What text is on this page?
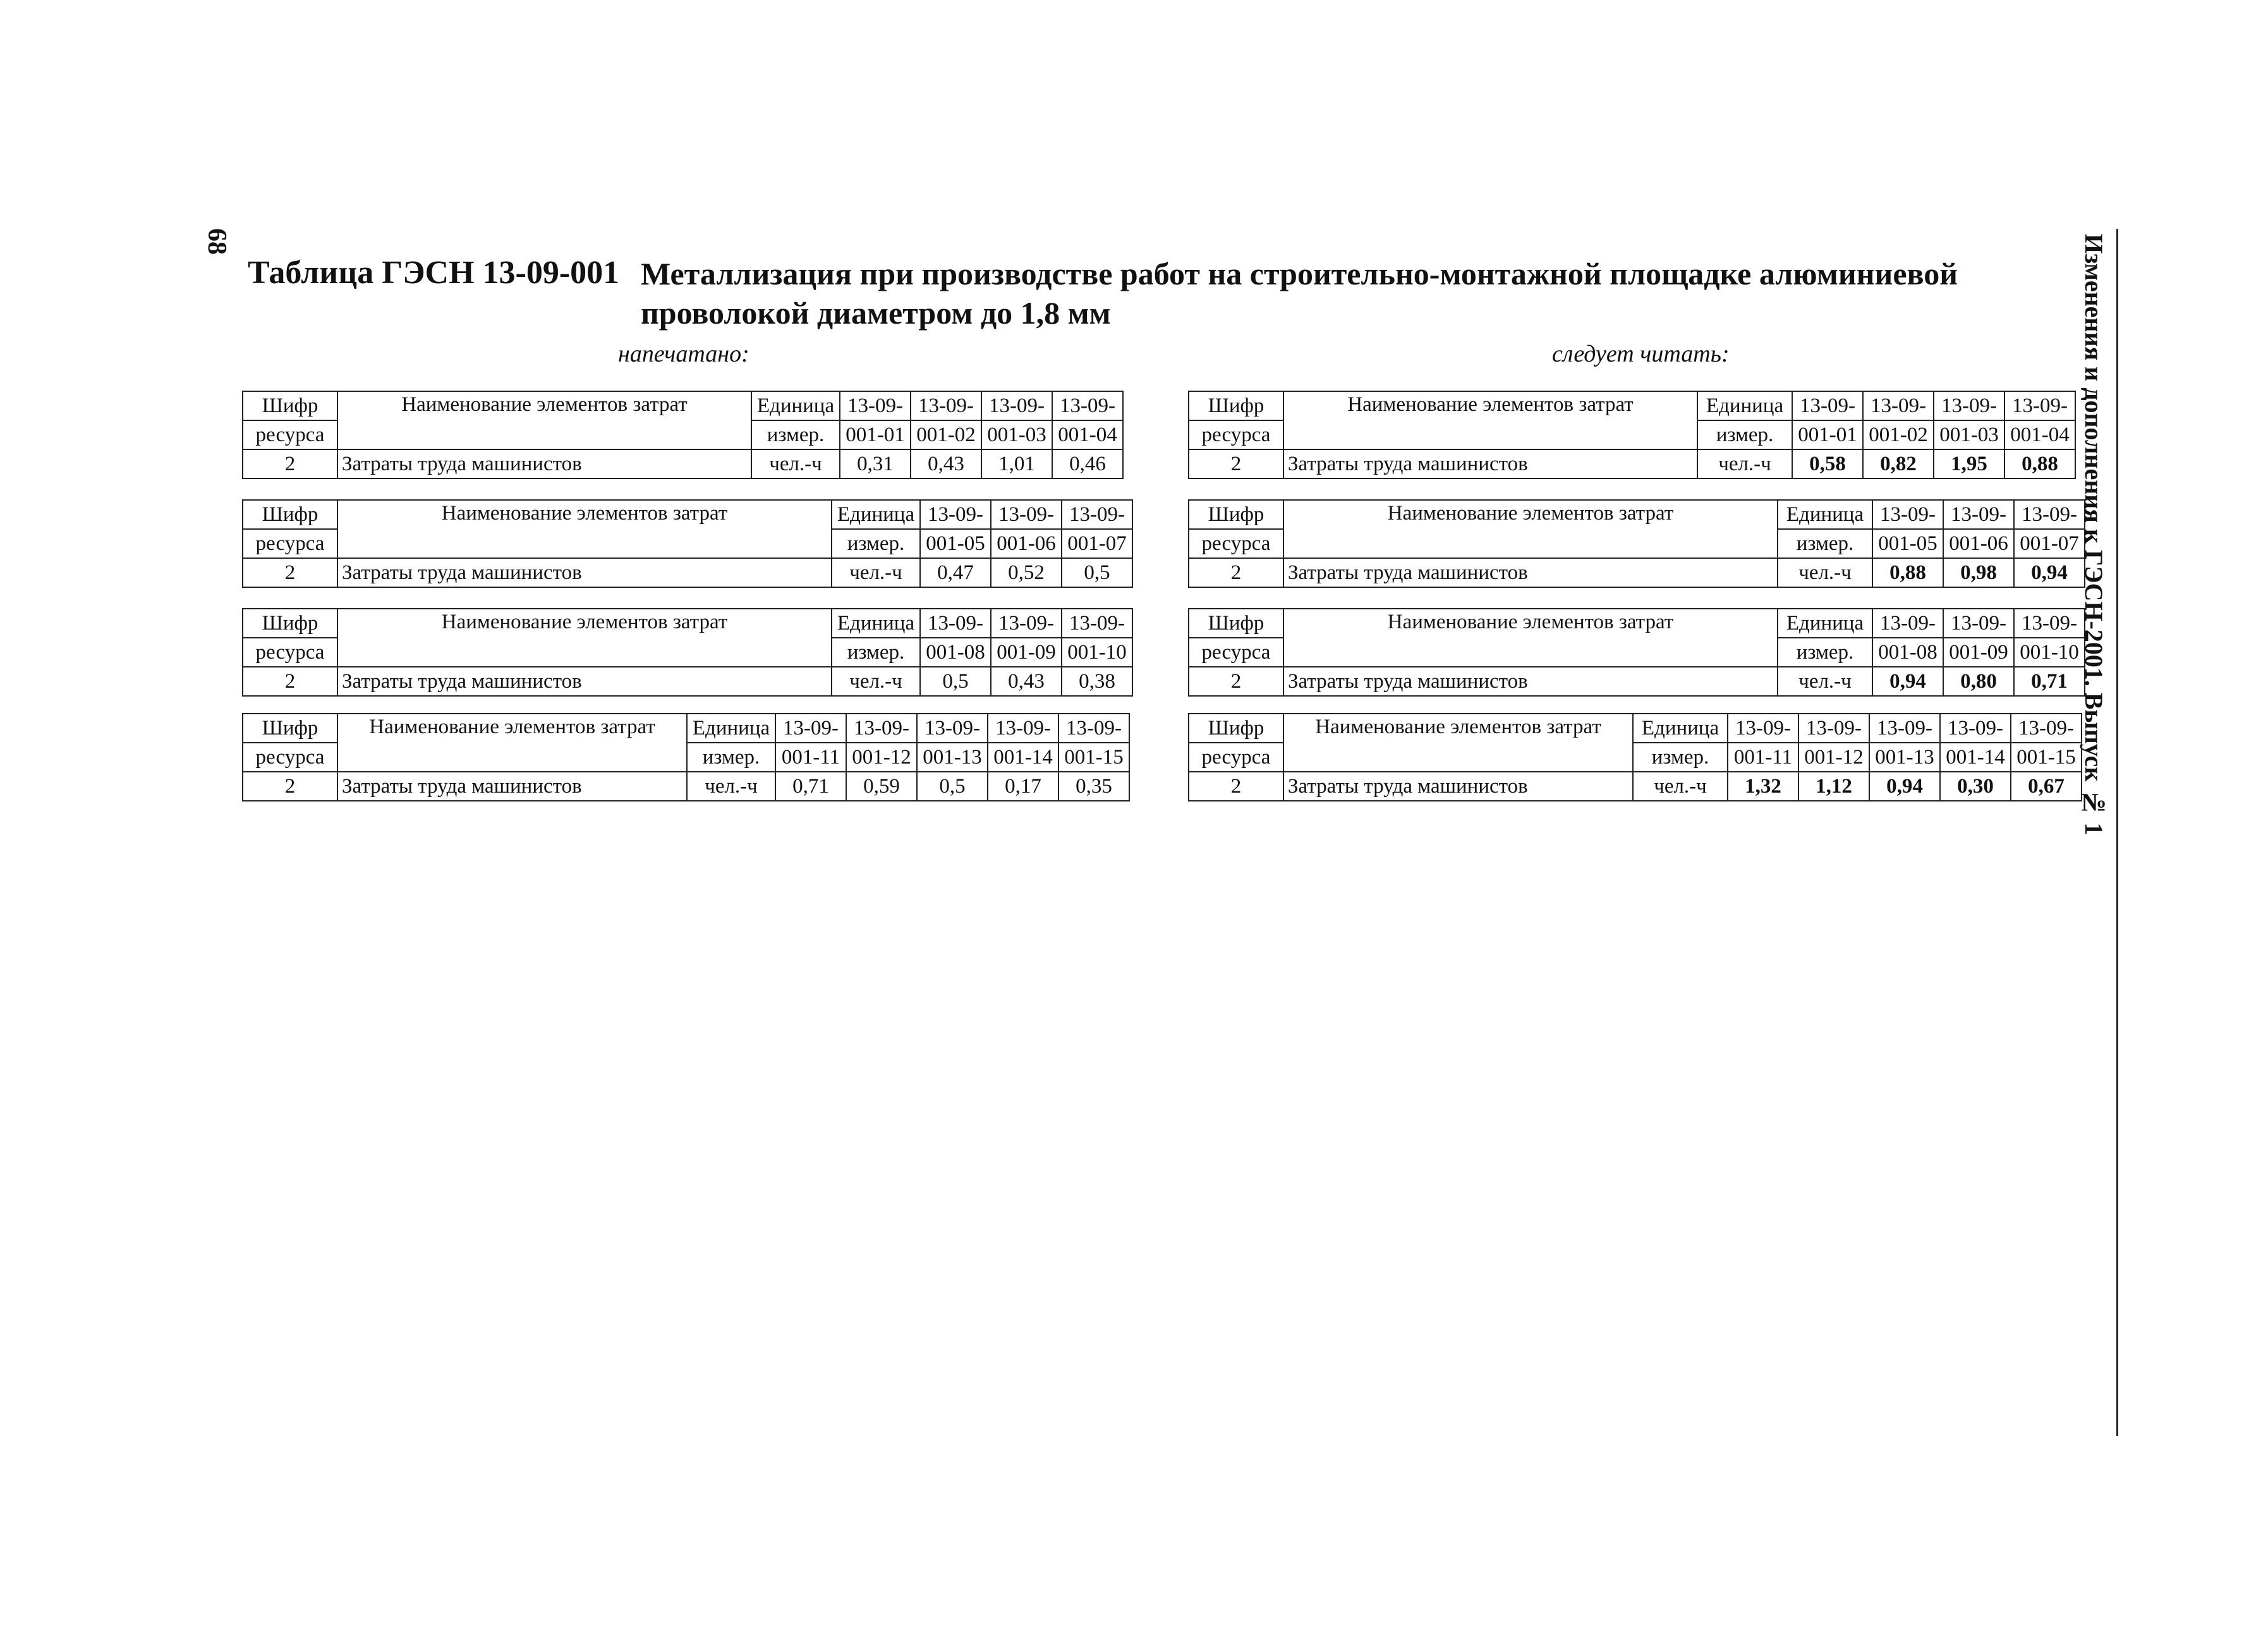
68	Изменения и дополнения к ГЭСН-2001. Выпуск № 1
Таблица ГЭСН 13-09-001 Металлизация при производстве работ на строительно-монтажной площадке алюминиевой проволокой диаметром до 1,8 мм
напечатано:	следует читать:
Шифр	Наименование элементов затрат	Единица	13-09-	13-09-	13-09-	13-09-
ресурса		измер.	001-01	001-02	001-03	001-04
2	Затраты труда машинистов	чел.-ч	0,31	0,43	1,01	0,46
Шифр	Наименование элементов затрат	Единица	13-09-	13-09-	13-09-
ресурса		измер.	001-05	001-06	001-07
2	Затраты труда машинистов	чел.-ч	0,47	0,52	0,5
Шифр	Наименование элементов затрат	Единица	13-09-	13-09-	13-09-
ресурса		измер.	001-08	001-09	001-10
2	Затраты труда машинистов	чел.-ч	0,5	0,43	0,38
Шифр	Наименование элементов затрат	Единица	13-09-	13-09-	13-09-	13-09-	13-09-
ресурса		измер.	001-11	001-12	001-13	001-14	001-15
2	Затраты труда машинистов	чел.-ч	0,71	0,59	0,5	0,17	0,35
Шифр	Наименование элементов затрат	Единица	13-09-	13-09-	13-09-	13-09-
ресурса		измер.	001-01	001-02	001-03	001-04
2	Затраты труда машинистов	чел.-ч	0,58	0,82	1,95	0,88
Шифр	Наименование элементов затрат	Единица	13-09-	13-09-	13-09-
ресурса		измер.	001-05	001-06	001-07
2	Затраты труда машинистов	чел.-ч	0,88	0,98	0,94
Шифр	Наименование элементов затрат	Единица	13-09-	13-09-	13-09-
ресурса		измер.	001-08	001-09	001-10
2	Затраты труда машинистов	чел.-ч	0,94	0,80	0,71
Шифр	Наименование элементов затрат	Единица	13-09-	13-09-	13-09-	13-09-	13-09-
ресурса		измер.	001-11	001-12	001-13	001-14	001-15
2	Затраты труда машинистов	чел.-ч	1,32	1,12	0,94	0,30	0,67
